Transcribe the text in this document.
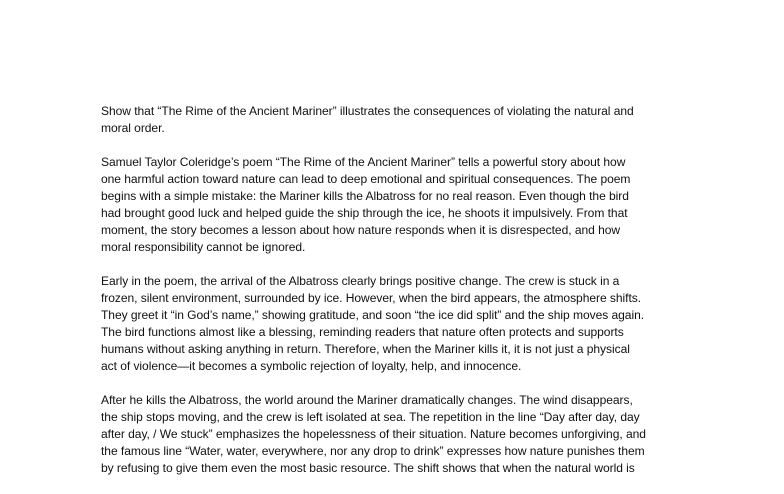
Show that “The Rime of the Ancient Mariner” illustrates the consequences of violating the natural and
moral order.

Samuel Taylor Coleridge’s poem “The Rime of the Ancient Mariner” tells a powerful story about how
one harmful action toward nature can lead to deep emotional and spiritual consequences. The poem
begins with a simple mistake: the Mariner kills the Albatross for no real reason. Even though the bird
had brought good luck and helped guide the ship through the ice, he shoots it impulsively. From that
moment, the story becomes a lesson about how nature responds when it is disrespected, and how
moral responsibility cannot be ignored.

Early in the poem, the arrival of the Albatross clearly brings positive change. The crew is stuck in a
frozen, silent environment, surrounded by ice. However, when the bird appears, the atmosphere shifts.
They greet it “in God’s name,” showing gratitude, and soon “the ice did split” and the ship moves again.
The bird functions almost like a blessing, reminding readers that nature often protects and supports
humans without asking anything in return. Therefore, when the Mariner kills it, it is not just a physical
act of violence—it becomes a symbolic rejection of loyalty, help, and innocence.

After he kills the Albatross, the world around the Mariner dramatically changes. The wind disappears,
the ship stops moving, and the crew is left isolated at sea. The repetition in the line “Day after day, day
after day, / We stuck” emphasizes the hopelessness of their situation. Nature becomes unforgiving, and
the famous line “Water, water, everywhere, nor any drop to drink” expresses how nature punishes them
by refusing to give them even the most basic resource. The shift shows that when the natural world is
